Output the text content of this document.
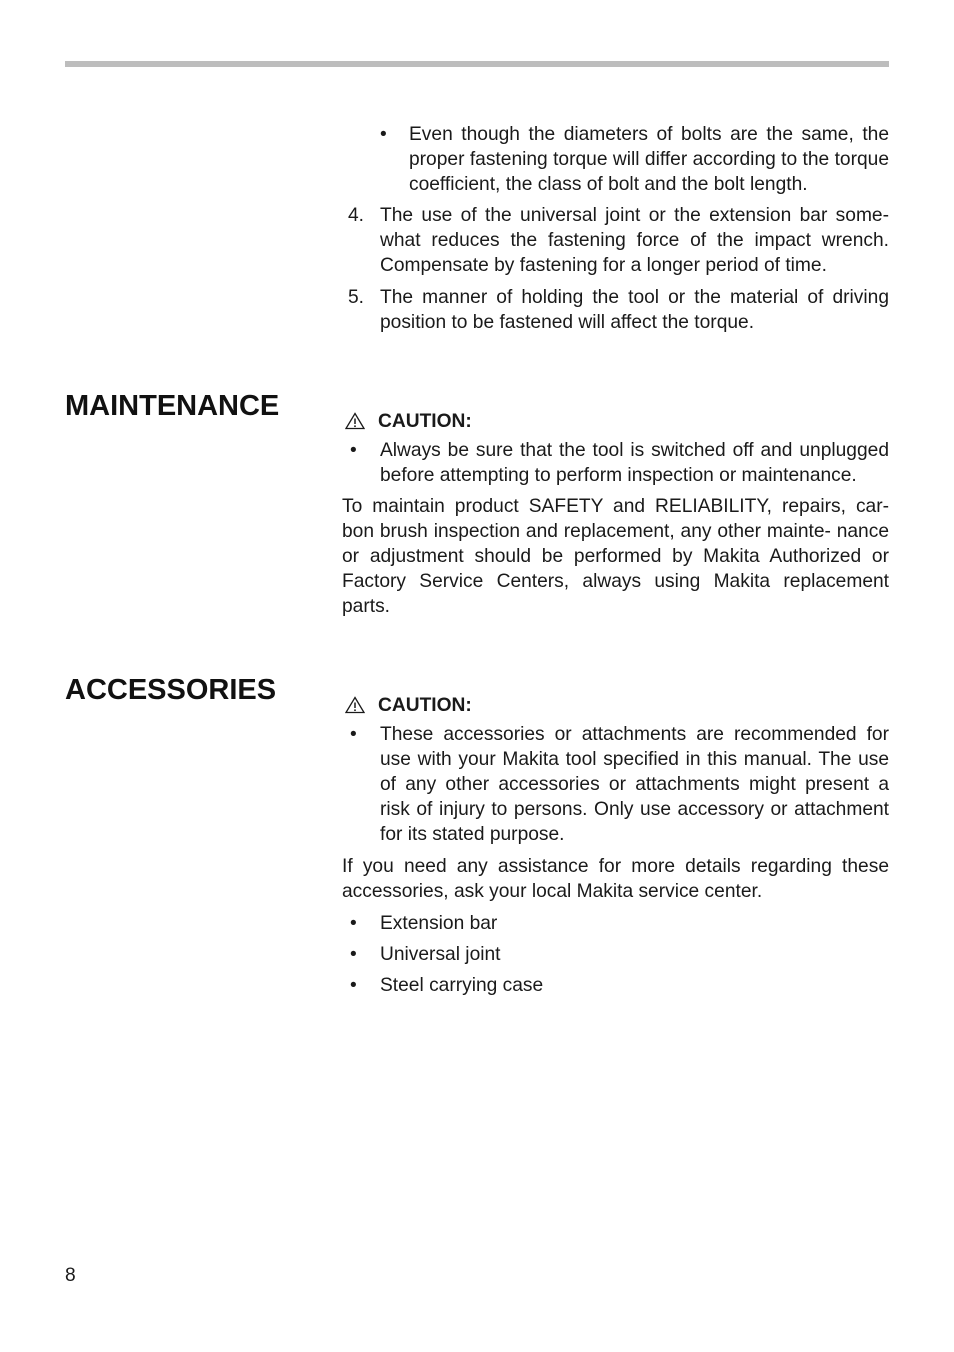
• Even though the diameters of bolts are the same, the proper fastening torque will differ according to the torque coefficient, the class of bolt and the bolt length.
4. The use of the universal joint or the extension bar some- what reduces the fastening force of the impact wrench. Compensate by fastening for a longer period of time.
5. The manner of holding the tool or the material of driving position to be fastened will affect the torque.
MAINTENANCE	CAUTION:
• Always be sure that the tool is switched off and unplugged before attempting to perform inspection or maintenance.

To maintain product SAFETY and RELIABILITY, repairs, car- bon brush inspection and replacement, any other mainte- nance or adjustment should be performed by Makita Authorized or Factory Service Centers, always using Makita replacement parts.

ACCESSORIES	CAUTION:
• These accessories or attachments are recommended for use with your Makita tool specified in this manual. The use of any other accessories or attachments might present a risk of injury to persons. Only use accessory or attachment for its stated purpose.

If you need any assistance for more details regarding these accessories, ask your local Makita service center.

• Extension bar
• Universal joint
• Steel carrying case
8
